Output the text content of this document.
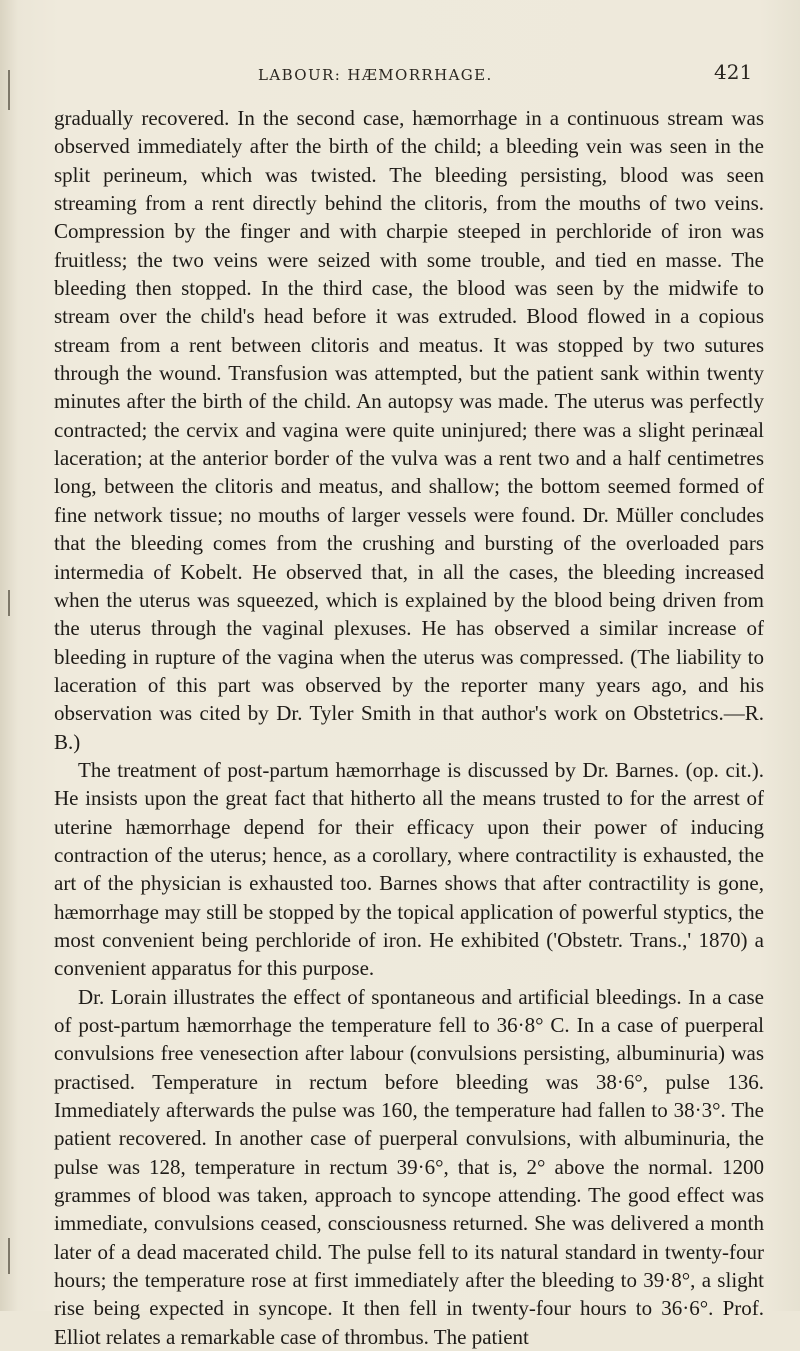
LABOUR: HÆMORRHAGE.	421

gradually recovered. In the second case, hæmorrhage in a continuous stream was observed immediately after the birth of the child; a bleeding vein was seen in the split perineum, which was twisted. The bleeding persisting, blood was seen streaming from a rent directly behind the clitoris, from the mouths of two veins. Compression by the finger and with charpie steeped in perchloride of iron was fruitless; the two veins were seized with some trouble, and tied en masse. The bleeding then stopped. In the third case, the blood was seen by the midwife to stream over the child's head before it was extruded. Blood flowed in a copious stream from a rent between clitoris and meatus. It was stopped by two sutures through the wound. Transfusion was attempted, but the patient sank within twenty minutes after the birth of the child. An autopsy was made. The uterus was perfectly contracted; the cervix and vagina were quite uninjured; there was a slight perinæal laceration; at the anterior border of the vulva was a rent two and a half centimetres long, between the clitoris and meatus, and shallow; the bottom seemed formed of fine network tissue; no mouths of larger vessels were found. Dr. Müller concludes that the bleeding comes from the crushing and bursting of the overloaded pars intermedia of Kobelt. He observed that, in all the cases, the bleeding increased when the uterus was squeezed, which is explained by the blood being driven from the uterus through the vaginal plexuses. He has observed a similar increase of bleeding in rupture of the vagina when the uterus was compressed. (The liability to laceration of this part was observed by the reporter many years ago, and his observation was cited by Dr. Tyler Smith in that author's work on Obstetrics.—R. B.)

The treatment of post-partum hæmorrhage is discussed by Dr. Barnes. (op. cit.). He insists upon the great fact that hitherto all the means trusted to for the arrest of uterine hæmorrhage depend for their efficacy upon their power of inducing contraction of the uterus; hence, as a corollary, where contractility is exhausted, the art of the physician is exhausted too. Barnes shows that after contractility is gone, hæmorrhage may still be stopped by the topical application of powerful styptics, the most convenient being perchloride of iron. He exhibited ('Obstetr. Trans.,' 1870) a convenient apparatus for this purpose.

Dr. Lorain illustrates the effect of spontaneous and artificial bleedings. In a case of post-partum hæmorrhage the temperature fell to 36·8° C. In a case of puerperal convulsions free venesection after labour (convulsions persisting, albuminuria) was practised. Temperature in rectum before bleeding was 38·6°, pulse 136. Immediately afterwards the pulse was 160, the temperature had fallen to 38·3°. The patient recovered. In another case of puerperal convulsions, with albuminuria, the pulse was 128, temperature in rectum 39·6°, that is, 2° above the normal. 1200 grammes of blood was taken, approach to syncope attending. The good effect was immediate, convulsions ceased, consciousness returned. She was delivered a month later of a dead macerated child. The pulse fell to its natural standard in twenty-four hours; the temperature rose at first immediately after the bleeding to 39·8°, a slight rise being expected in syncope. It then fell in twenty-four hours to 36·6°. Prof. Elliot relates a remarkable case of thrombus. The patient
